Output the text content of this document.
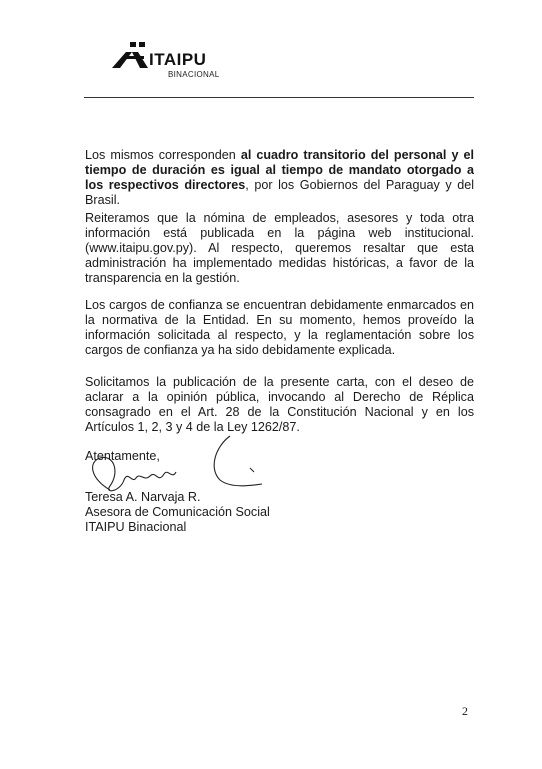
ITAIPU
BINACIONAL

Los mismos corresponden al cuadro transitorio del personal y el tiempo de duración es igual al tiempo de mandato otorgado a los respectivos directores, por los Gobiernos del Paraguay y del Brasil.

Reiteramos que la nómina de empleados, asesores y toda otra información está publicada en la página web institucional. (www.itaipu.gov.py). Al respecto, queremos resaltar que esta administración ha implementado medidas históricas, a favor de la transparencia en la gestión.

Los cargos de confianza se encuentran debidamente enmarcados en la normativa de la Entidad. En su momento, hemos proveído la información solicitada al respecto, y la reglamentación sobre los cargos de confianza ya ha sido debidamente explicada.

Solicitamos la publicación de la presente carta, con el deseo de aclarar a la opinión pública, invocando al Derecho de Réplica consagrado en el Art. 28 de la Constitución Nacional y en los Artículos 1, 2, 3 y 4 de la Ley 1262/87.

Atentamente,
Teresa A. Narvaja R.
Asesora de Comunicación Social
ITAIPU Binacional
2
